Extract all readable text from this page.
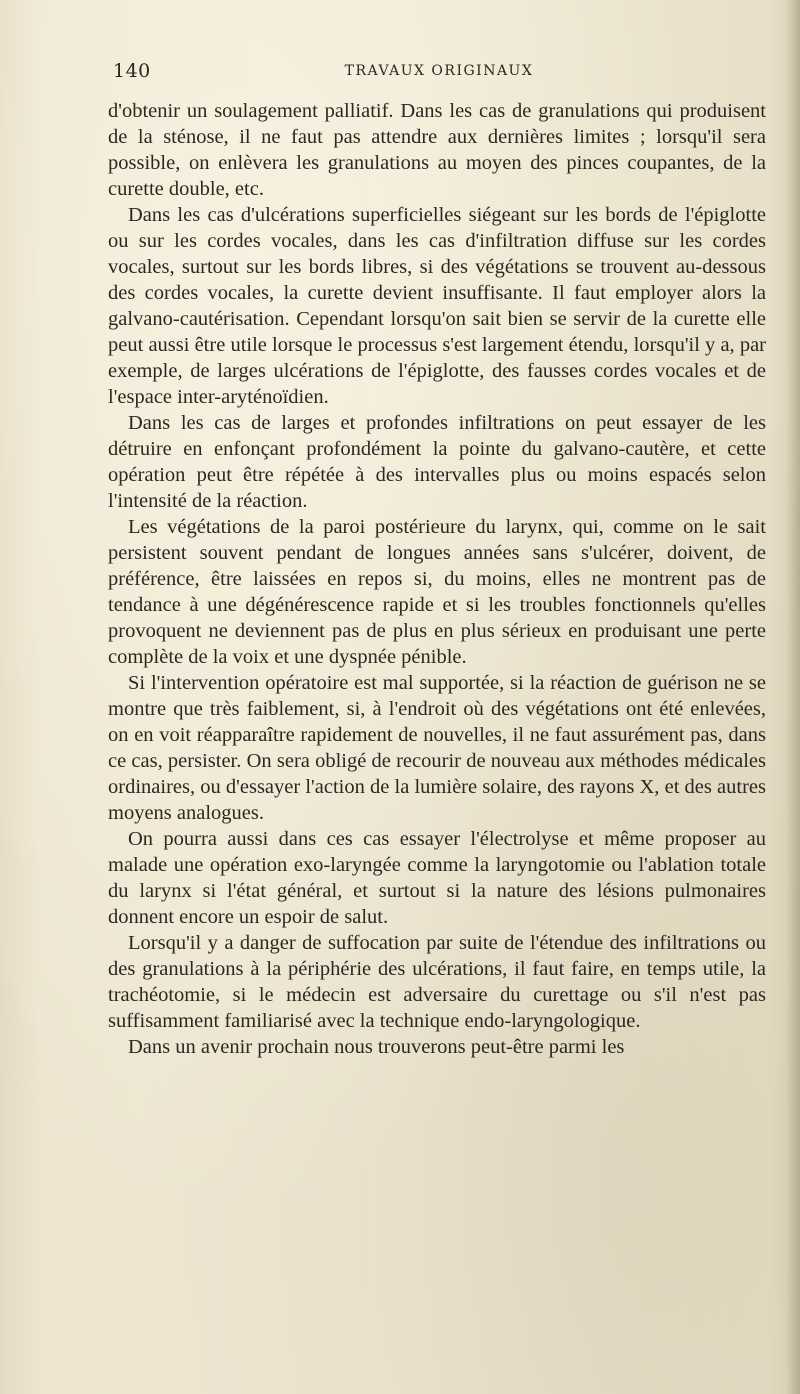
140	TRAVAUX ORIGINAUX

d'obtenir un soulagement palliatif. Dans les cas de granulations qui produisent de la sténose, il ne faut pas attendre aux dernières limites ; lorsqu'il sera possible, on enlèvera les granulations au moyen des pinces coupantes, de la curette double, etc.

Dans les cas d'ulcérations superficielles siégeant sur les bords de l'épiglotte ou sur les cordes vocales, dans les cas d'infiltration diffuse sur les cordes vocales, surtout sur les bords libres, si des végétations se trouvent au-dessous des cordes vocales, la curette devient insuffisante. Il faut employer alors la galvano-cautérisation. Cependant lorsqu'on sait bien se servir de la curette elle peut aussi être utile lorsque le processus s'est largement étendu, lorsqu'il y a, par exemple, de larges ulcérations de l'épiglotte, des fausses cordes vocales et de l'espace inter-aryténoïdien.

Dans les cas de larges et profondes infiltrations on peut essayer de les détruire en enfonçant profondément la pointe du galvano-cautère, et cette opération peut être répétée à des intervalles plus ou moins espacés selon l'intensité de la réaction.

Les végétations de la paroi postérieure du larynx, qui, comme on le sait persistent souvent pendant de longues années sans s'ulcérer, doivent, de préférence, être laissées en repos si, du moins, elles ne montrent pas de tendance à une dégénérescence rapide et si les troubles fonctionnels qu'elles provoquent ne deviennent pas de plus en plus sérieux en produisant une perte complète de la voix et une dyspnée pénible.

Si l'intervention opératoire est mal supportée, si la réaction de guérison ne se montre que très faiblement, si, à l'endroit où des végétations ont été enlevées, on en voit réapparaître rapidement de nouvelles, il ne faut assurément pas, dans ce cas, persister. On sera obligé de recourir de nouveau aux méthodes médicales ordinaires, ou d'essayer l'action de la lumière solaire, des rayons X, et des autres moyens analogues.

On pourra aussi dans ces cas essayer l'électrolyse et même proposer au malade une opération exo-laryngée comme la laryngotomie ou l'ablation totale du larynx si l'état général, et surtout si la nature des lésions pulmonaires donnent encore un espoir de salut.

Lorsqu'il y a danger de suffocation par suite de l'étendue des infiltrations ou des granulations à la périphérie des ulcérations, il faut faire, en temps utile, la trachéotomie, si le médecin est adversaire du curettage ou s'il n'est pas suffisamment familiarisé avec la technique endo-laryngologique.

Dans un avenir prochain nous trouverons peut-être parmi les
